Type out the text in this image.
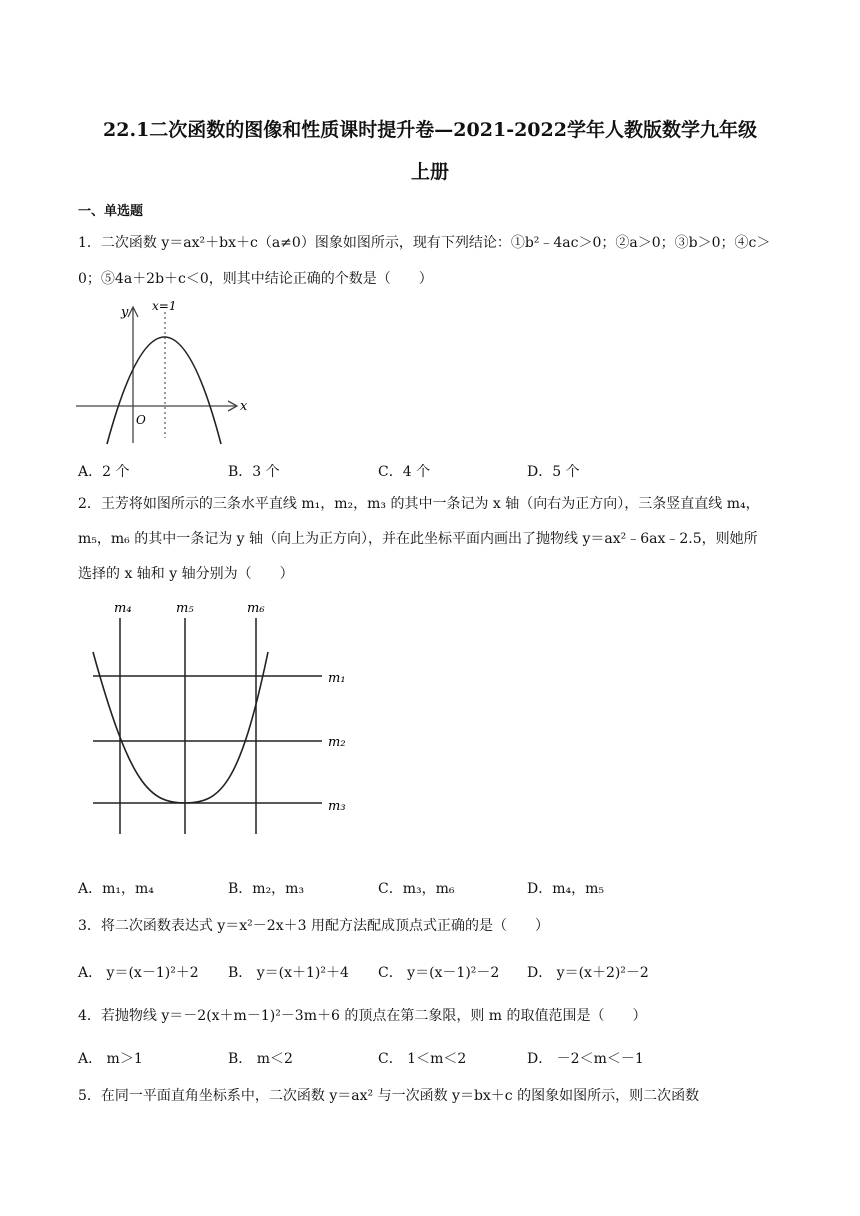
22.1二次函数的图像和性质课时提升卷—2021-2022学年人教版数学九年级
上册
一、单选题
1．二次函数 y＝ax²＋bx＋c（a≠0）图象如图所示，现有下列结论：①b²﹣4ac＞0；②a＞0；③b＞0；④c＞
0；⑤4a＋2b＋c＜0，则其中结论正确的个数是（　　）
y x=1
x
O
A．2 个	B．3 个	C．4 个	D．5 个
2．王芳将如图所示的三条水平直线 m₁，m₂，m₃ 的其中一条记为 x 轴（向右为正方向），三条竖直直线 m₄，
m₅，m₆ 的其中一条记为 y 轴（向上为正方向），并在此坐标平面内画出了抛物线 y＝ax²﹣6ax﹣2.5，则她所
选择的 x 轴和 y 轴分别为（　　）
m₄	m₅	m₆
m₁
m₂
m₃
A．m₁，m₄	B．m₂，m₃	C．m₃，m₆	D．m₄，m₅
3．将二次函数表达式 y＝x²－2x＋3 用配方法配成顶点式正确的是（　　）
A． y＝(x－1)²＋2 B． y＝(x＋1)²＋4 C． y＝(x－1)²－2 D． y＝(x＋2)²－2
4．若抛物线 y＝－2(x＋m－1)²－3m＋6 的顶点在第二象限，则 m 的取值范围是（　　）
A． m＞1	B． m＜2	C． 1＜m＜2	D． －2＜m＜－1
5．在同一平面直角坐标系中，二次函数 y＝ax² 与一次函数 y＝bx＋c 的图象如图所示，则二次函数
